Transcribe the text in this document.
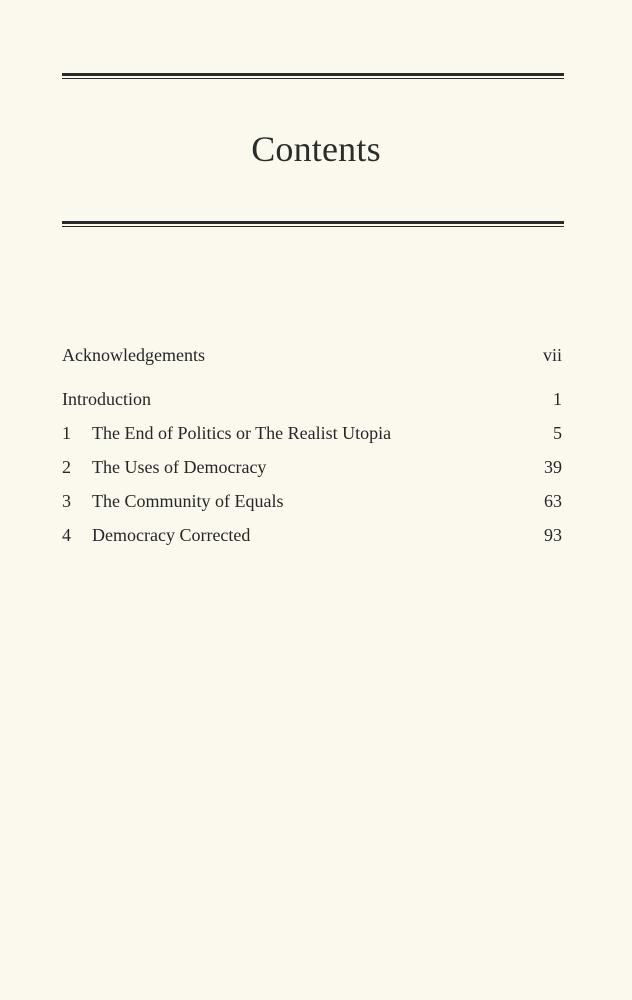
Contents
Acknowledgements	vii
Introduction	1
1 The End of Politics or The Realist Utopia	5
2 The Uses of Democracy	39
3 The Community of Equals	63
4 Democracy Corrected	93
